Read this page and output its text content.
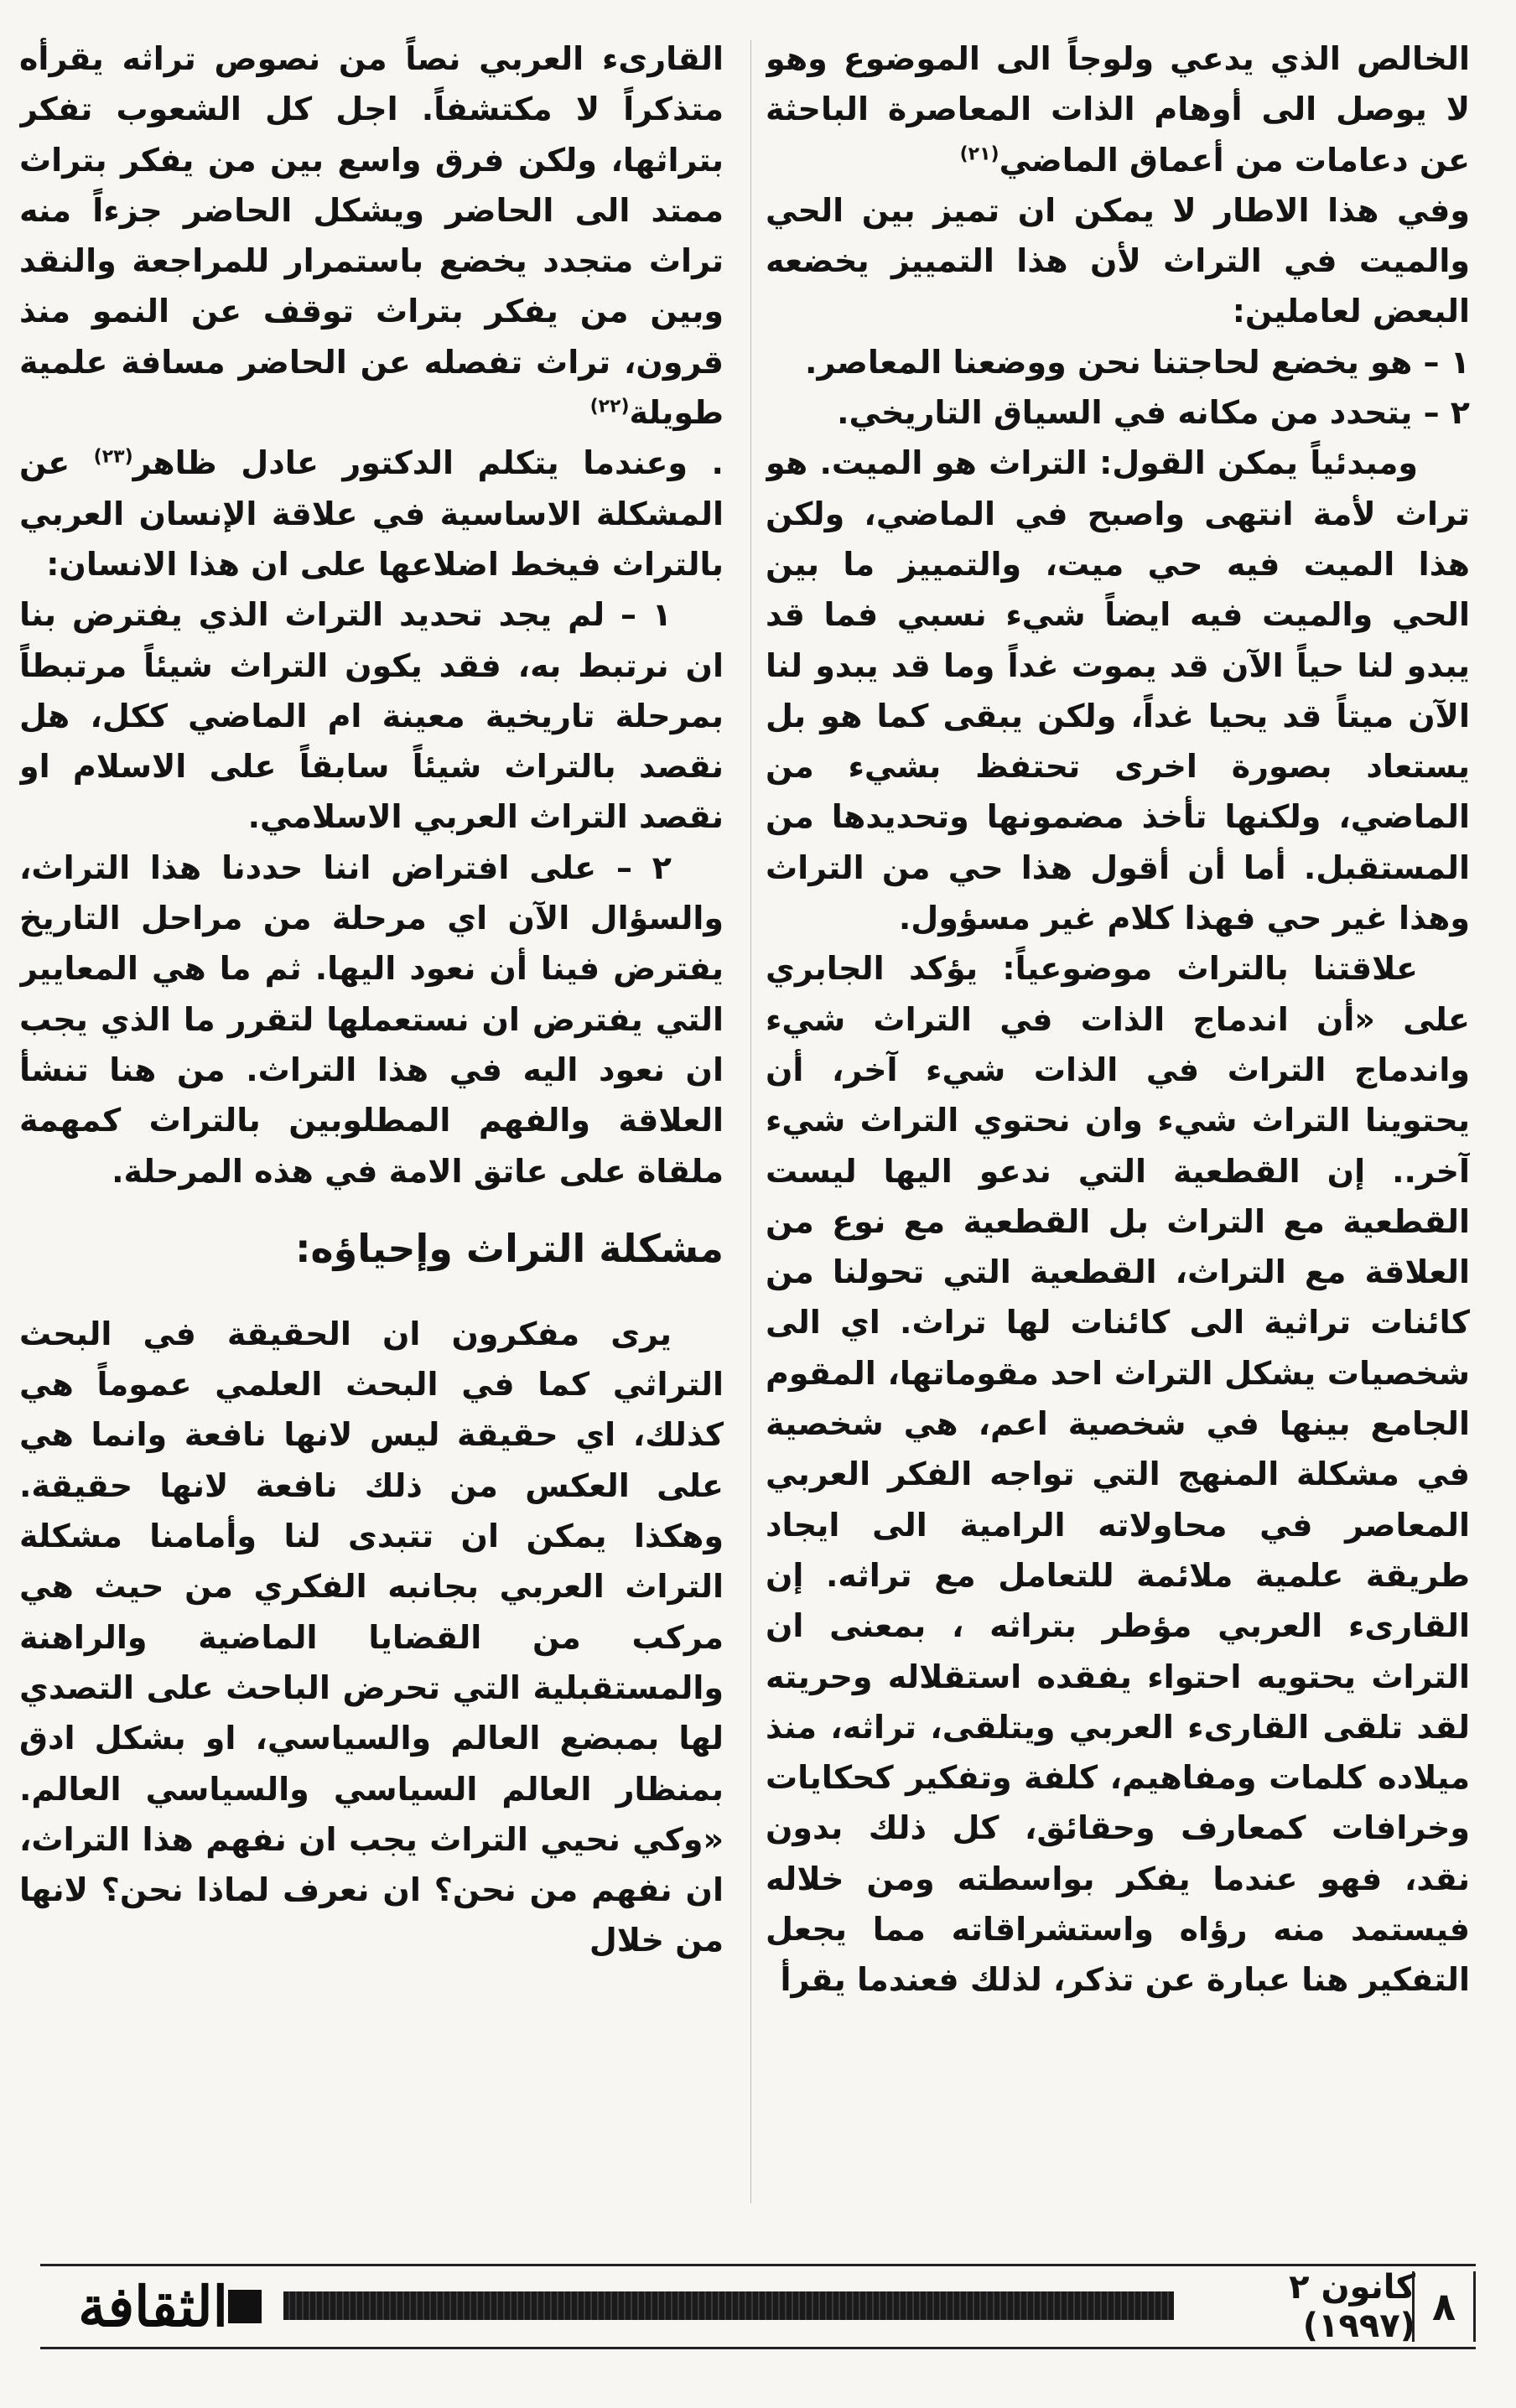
الخالص الذي يدعي ولوجاً الى الموضوع وهو لا يوصل الى أوهام الذات المعاصرة الباحثة عن دعامات من أعماق الماضي$^{(٢١)}$

وفي هذا الاطار لا يمكن ان تميز بين الحي والميت في التراث لأن هذا التمييز يخضعه البعض لعاملين:

١ – هو يخضع لحاجتنا نحن ووضعنا المعاصر.

٢ – يتحدد من مكانه في السياق التاريخي.

ومبدئياً يمكن القول: التراث هو الميت. هو تراث لأمة انتهى واصبح في الماضي، ولكن هذا الميت فيه حي ميت، والتمييز ما بين الحي والميت فيه ايضاً شيء نسبي فما قد يبدو لنا حياً الآن قد يموت غداً وما قد يبدو لنا الآن ميتاً قد يحيا غداً، ولكن يبقى كما هو بل يستعاد بصورة اخرى تحتفظ بشيء من الماضي، ولكنها تأخذ مضمونها وتحديدها من المستقبل. أما أن أقول هذا حي من التراث وهذا غير حي فهذا كلام غير مسؤول.

علاقتنا بالتراث موضوعياً: يؤكد الجابري على «أن اندماج الذات في التراث شيء واندماج التراث في الذات شيء آخر، أن يحتوينا التراث شيء وان نحتوي التراث شيء آخر.. إن القطعية التي ندعو اليها ليست القطعية مع التراث بل القطعية مع نوع من العلاقة مع التراث، القطعية التي تحولنا من كائنات تراثية الى كائنات لها تراث. اي الى شخصيات يشكل التراث احد مقوماتها، المقوم الجامع بينها في شخصية اعم، هي شخصية في مشكلة المنهج التي تواجه الفكر العربي المعاصر في محاولاته الرامية الى ايجاد طريقة علمية ملائمة للتعامل مع تراثه. إن القارىء العربي مؤطر بتراثه ، بمعنى ان التراث يحتويه احتواء يفقده استقلاله وحريته لقد تلقى القارىء العربي ويتلقى، تراثه، منذ ميلاده كلمات ومفاهيم، كلفة وتفكير كحكايات وخرافات كمعارف وحقائق، كل ذلك بدون نقد، فهو عندما يفكر بواسطته ومن خلاله فيستمد منه رؤاه واستشراقاته مما يجعل التفكير هنا عبارة عن تذكر، لذلك فعندما يقرأ

القارىء العربي نصاً من نصوص تراثه يقرأه متذكراً لا مكتشفاً. اجل كل الشعوب تفكر بتراثها، ولكن فرق واسع بين من يفكر بتراث ممتد الى الحاضر ويشكل الحاضر جزءاً منه تراث متجدد يخضع باستمرار للمراجعة والنقد وبين من يفكر بتراث توقف عن النمو منذ قرون، تراث تفصله عن الحاضر مسافة علمية طويلة$^{(٢٢)}$

. وعندما يتكلم الدكتور عادل ظاهر$^{(٢٣)}$ عن المشكلة الاساسية في علاقة الإنسان العربي بالتراث فيخط اضلاعها على ان هذا الانسان:

١ – لم يجد تحديد التراث الذي يفترض بنا ان نرتبط به، فقد يكون التراث شيئاً مرتبطاً بمرحلة تاريخية معينة ام الماضي ككل، هل نقصد بالتراث شيئاً سابقاً على الاسلام او نقصد التراث العربي الاسلامي.

٢ – على افتراض اننا حددنا هذا التراث، والسؤال الآن اي مرحلة من مراحل التاريخ يفترض فينا أن نعود اليها. ثم ما هي المعايير التي يفترض ان نستعملها لتقرر ما الذي يجب ان نعود اليه في هذا التراث. من هنا تنشأ العلاقة والفهم المطلوبين بالتراث كمهمة ملقاة على عاتق الامة في هذه المرحلة.

مشكلة التراث وإحياؤه:

يرى مفكرون ان الحقيقة في البحث التراثي كما في البحث العلمي عموماً هي كذلك، اي حقيقة ليس لانها نافعة وانما هي على العكس من ذلك نافعة لانها حقيقة. وهكذا يمكن ان تتبدى لنا وأمامنا مشكلة التراث العربي بجانبه الفكري من حيث هي مركب من القضايا الماضية والراهنة والمستقبلية التي تحرض الباحث على التصدي لها بمبضع العالم والسياسي، او بشكل ادق بمنظار العالم السياسي والسياسي العالم. «وكي نحيي التراث يجب ان نفهم هذا التراث، ان نفهم من نحن؟ ان نعرف لماذا نحن؟ لانها من خلال

الثقافة	كانون ٢ (١٩٩٧) ٨
